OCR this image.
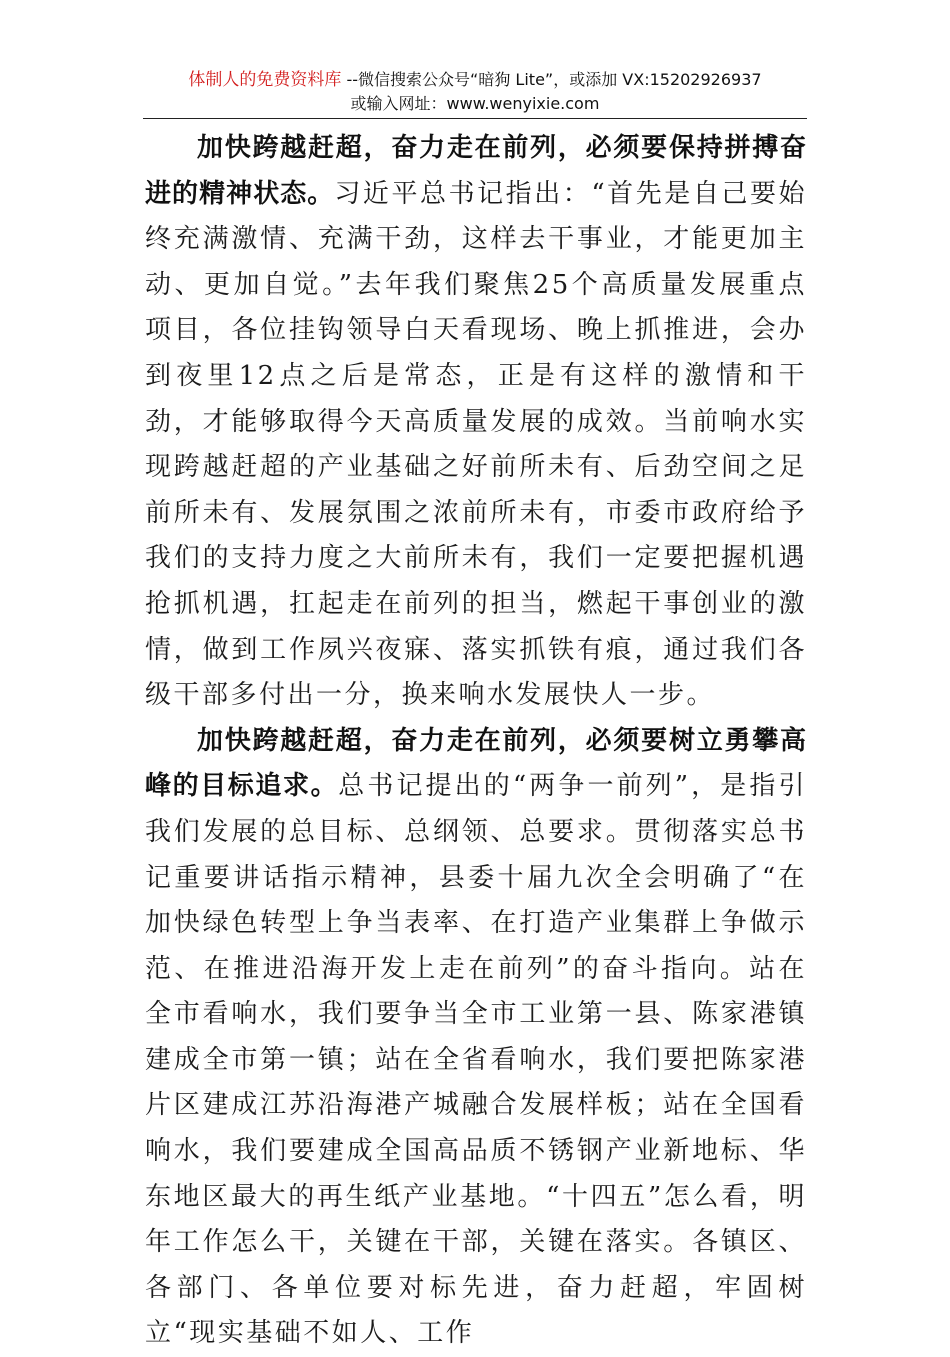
体制人的免费资料库 --微信搜索公众号“暗狗 Lite”，或添加 VX:15202926937
或输入网址：www.wenyixie.com

加快跨越赶超，奋力走在前列，必须要保持拼搏奋进的精神状态。习近平总书记指出：“首先是自己要始终充满激情、充满干劲，这样去干事业，才能更加主动、更加自觉。”去年我们聚焦25个高质量发展重点项目，各位挂钩领导白天看现场、晚上抓推进，会办到夜里12点之后是常态，正是有这样的激情和干劲，才能够取得今天高质量发展的成效。当前响水实现跨越赶超的产业基础之好前所未有、后劲空间之足前所未有、发展氛围之浓前所未有，市委市政府给予我们的支持力度之大前所未有，我们一定要把握机遇抢抓机遇，扛起走在前列的担当，燃起干事创业的激情，做到工作夙兴夜寐、落实抓铁有痕，通过我们各级干部多付出一分，换来响水发展快人一步。

加快跨越赶超，奋力走在前列，必须要树立勇攀高峰的目标追求。总书记提出的“两争一前列”，是指引我们发展的总目标、总纲领、总要求。贯彻落实总书记重要讲话指示精神，县委十届九次全会明确了“在加快绿色转型上争当表率、在打造产业集群上争做示范、在推进沿海开发上走在前列”的奋斗指向。站在全市看响水，我们要争当全市工业第一县、陈家港镇建成全市第一镇；站在全省看响水，我们要把陈家港片区建成江苏沿海港产城融合发展样板；站在全国看响水，我们要建成全国高品质不锈钢产业新地标、华东地区最大的再生纸产业基地。“十四五”怎么看，明年工作怎么干，关键在干部，关键在落实。各镇区、各部门、各单位要对标先进，奋力赶超，牢固树立“现实基础不如人、工作
